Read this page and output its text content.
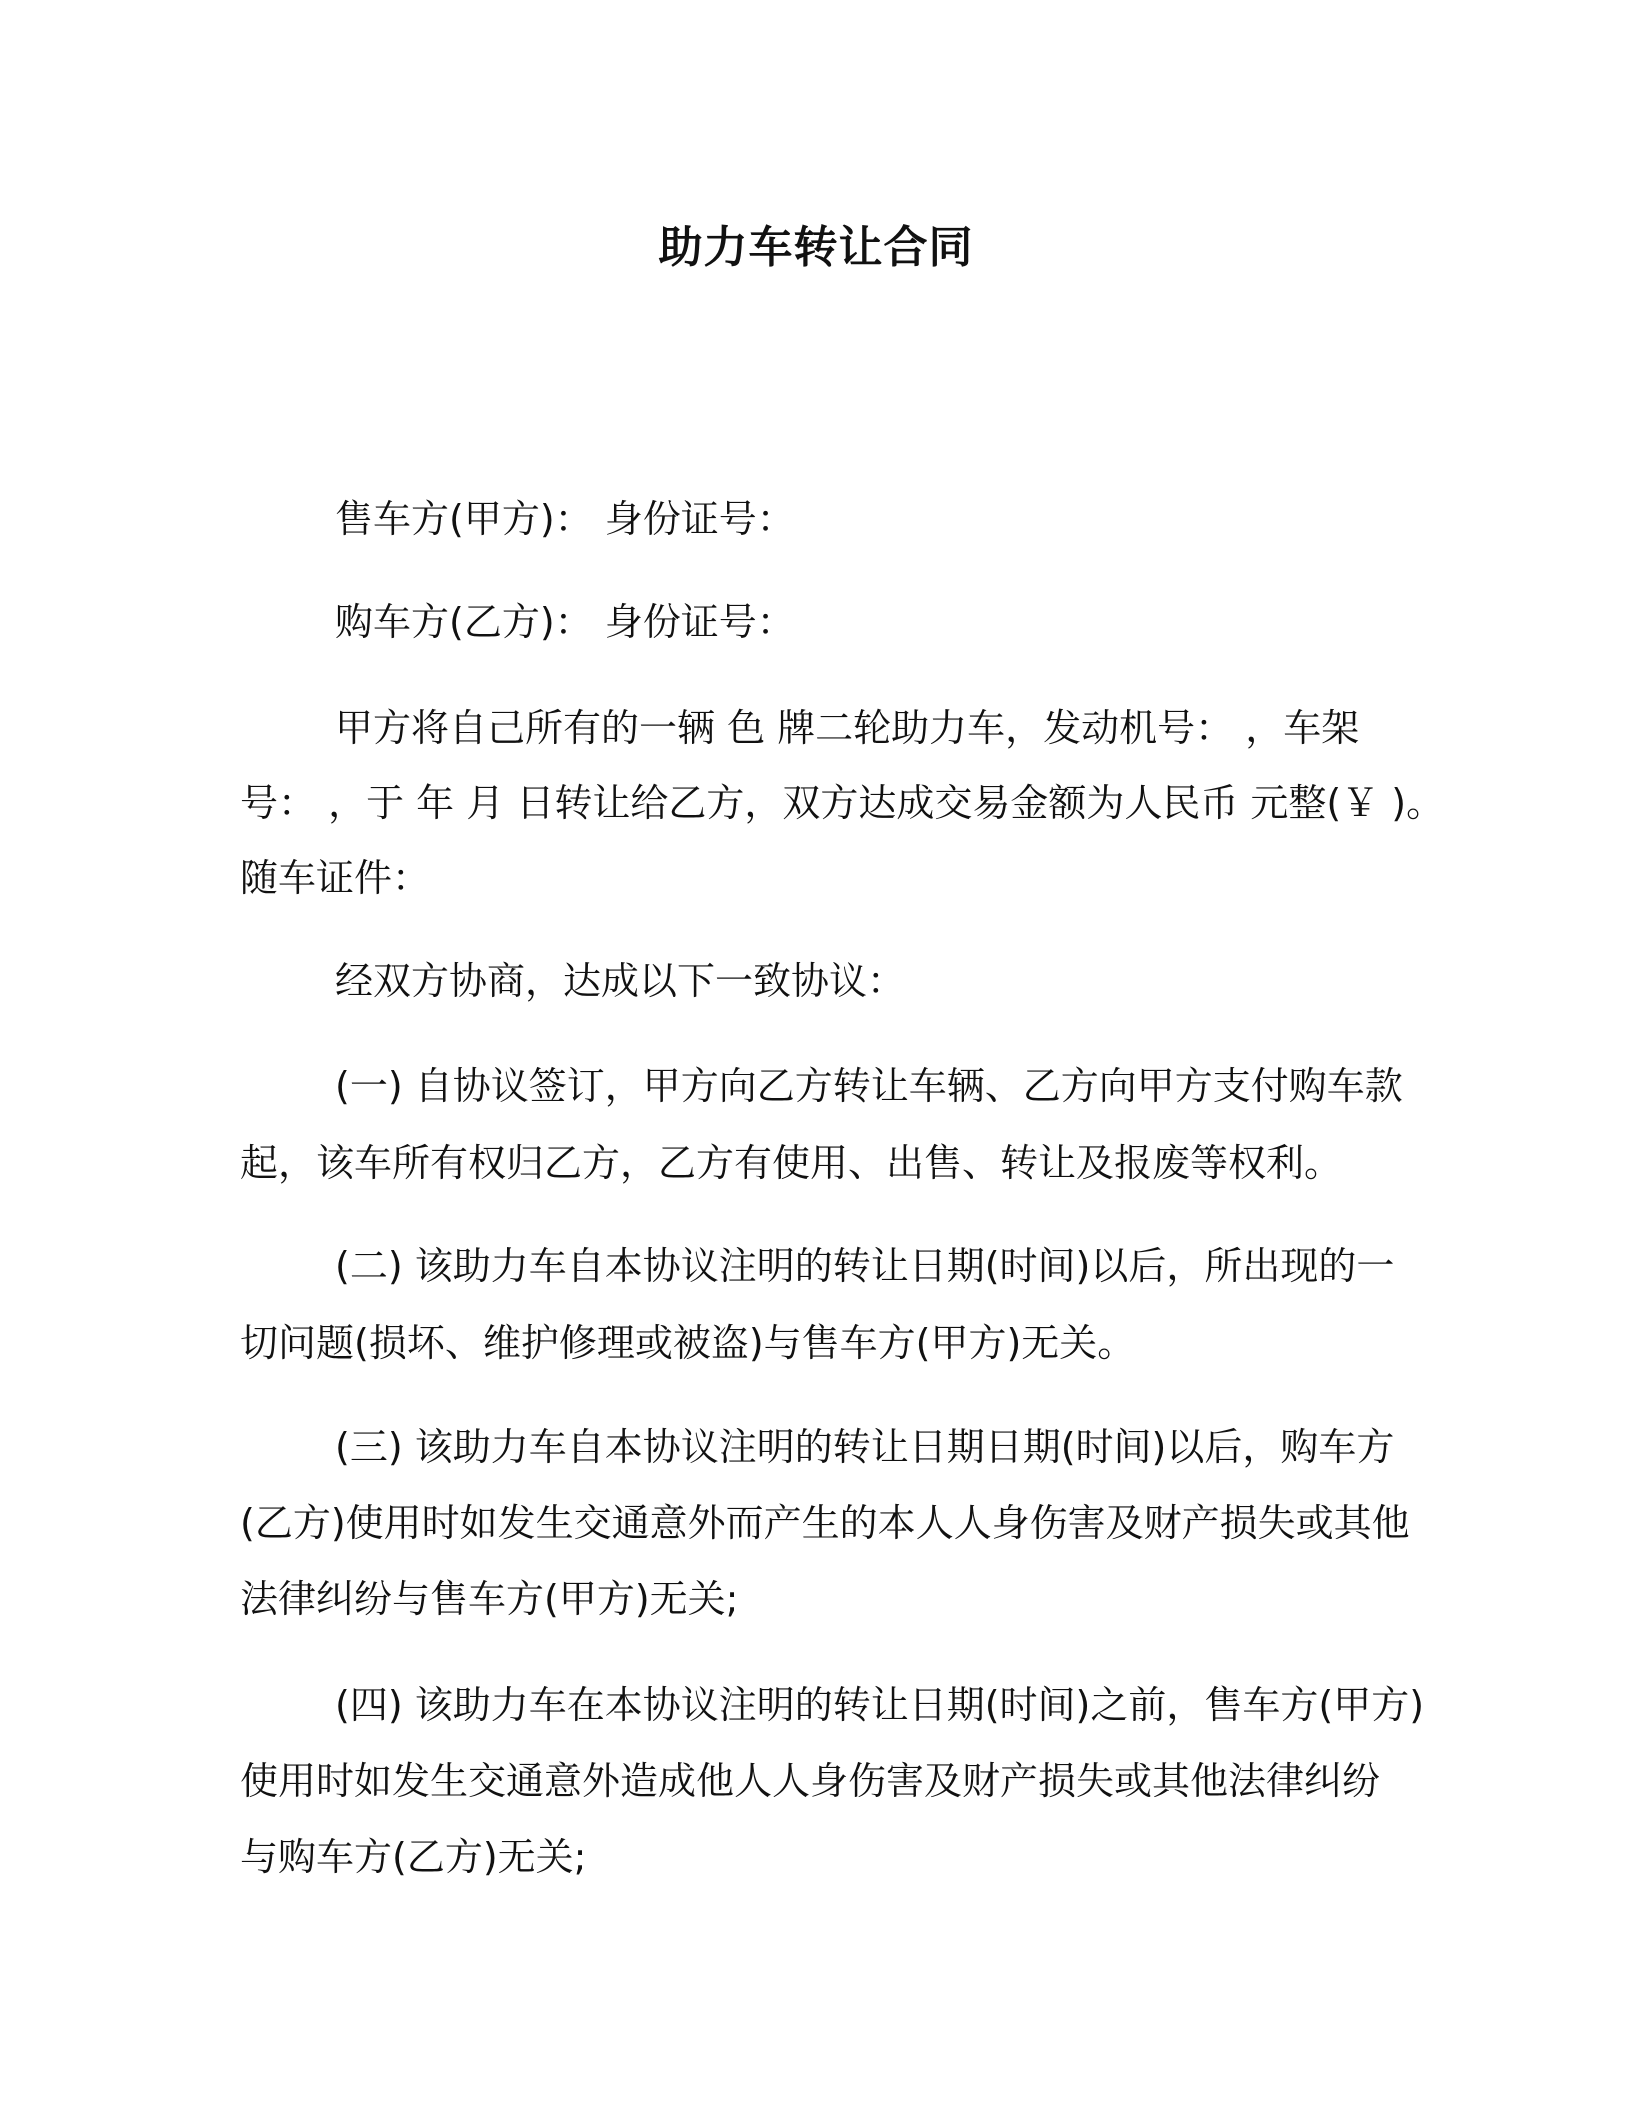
助力车转让合同
售车方(甲方)： 身份证号：
购车方(乙方)： 身份证号：
甲方将自己所有的一辆 色 牌二轮助力车，发动机号： ，车架
号： ，于 年 月 日转让给乙方，双方达成交易金额为人民币 元整(￥ )。
随车证件：
经双方协商，达成以下一致协议：
(一) 自协议签订，甲方向乙方转让车辆、乙方向甲方支付购车款
起，该车所有权归乙方，乙方有使用、出售、转让及报废等权利。
(二) 该助力车自本协议注明的转让日期(时间)以后，所出现的一
切问题(损坏、维护修理或被盗)与售车方(甲方)无关。
(三) 该助力车自本协议注明的转让日期日期(时间)以后，购车方
(乙方)使用时如发生交通意外而产生的本人人身伤害及财产损失或其他
法律纠纷与售车方(甲方)无关;
(四) 该助力车在本协议注明的转让日期(时间)之前，售车方(甲方)
使用时如发生交通意外造成他人人身伤害及财产损失或其他法律纠纷
与购车方(乙方)无关;
